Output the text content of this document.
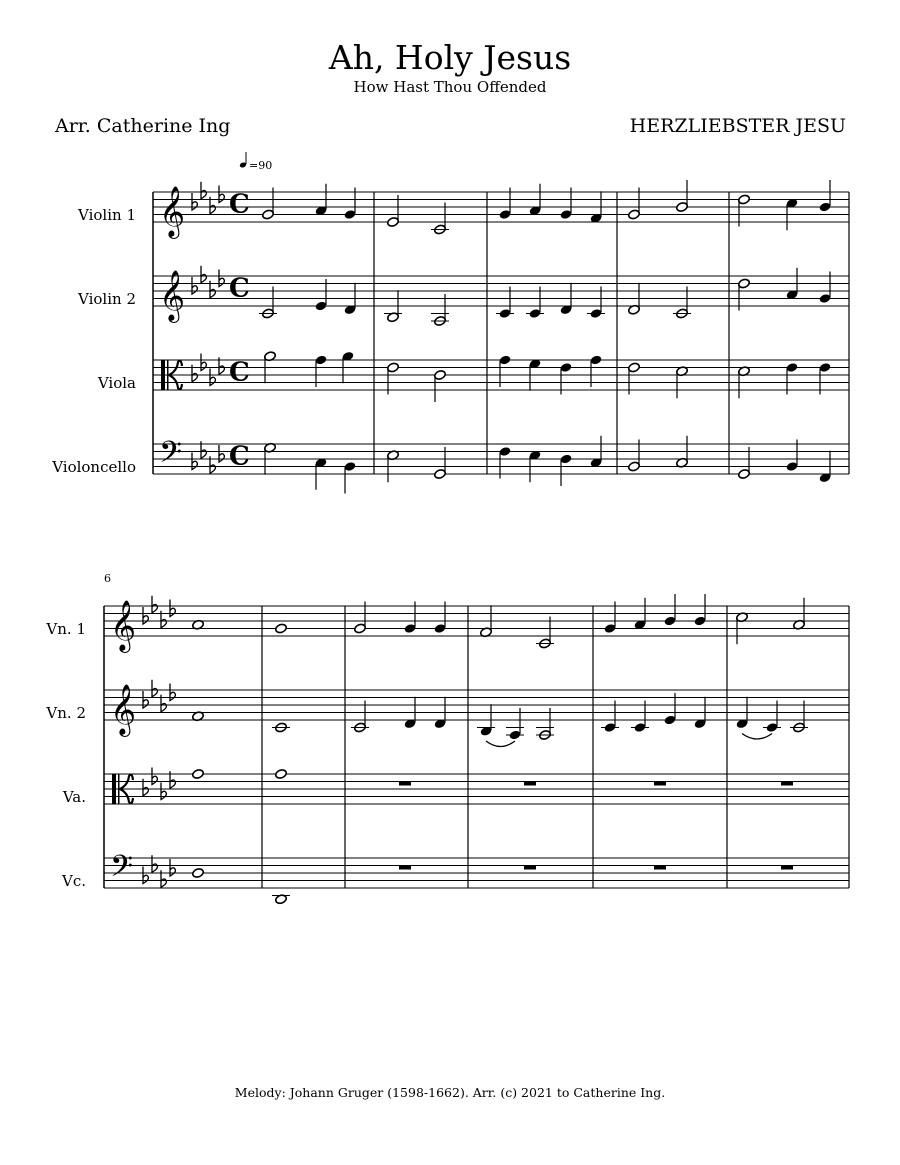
Ah, Holy Jesus
How Hast Thou Offended
Arr. Catherine Ing	HERZLIEBSTER JESU
=90
Violin 1
Violin 2
Viola
Violoncello
Vn. 1
Vn. 2
Va.
Vc.
6
𝄞 C
𝄞 C
C
𝄢 C
𝄞
𝄞
𝄢
Melody: Johann Gruger (1598-1662). Arr. (c) 2021 to Catherine Ing.
